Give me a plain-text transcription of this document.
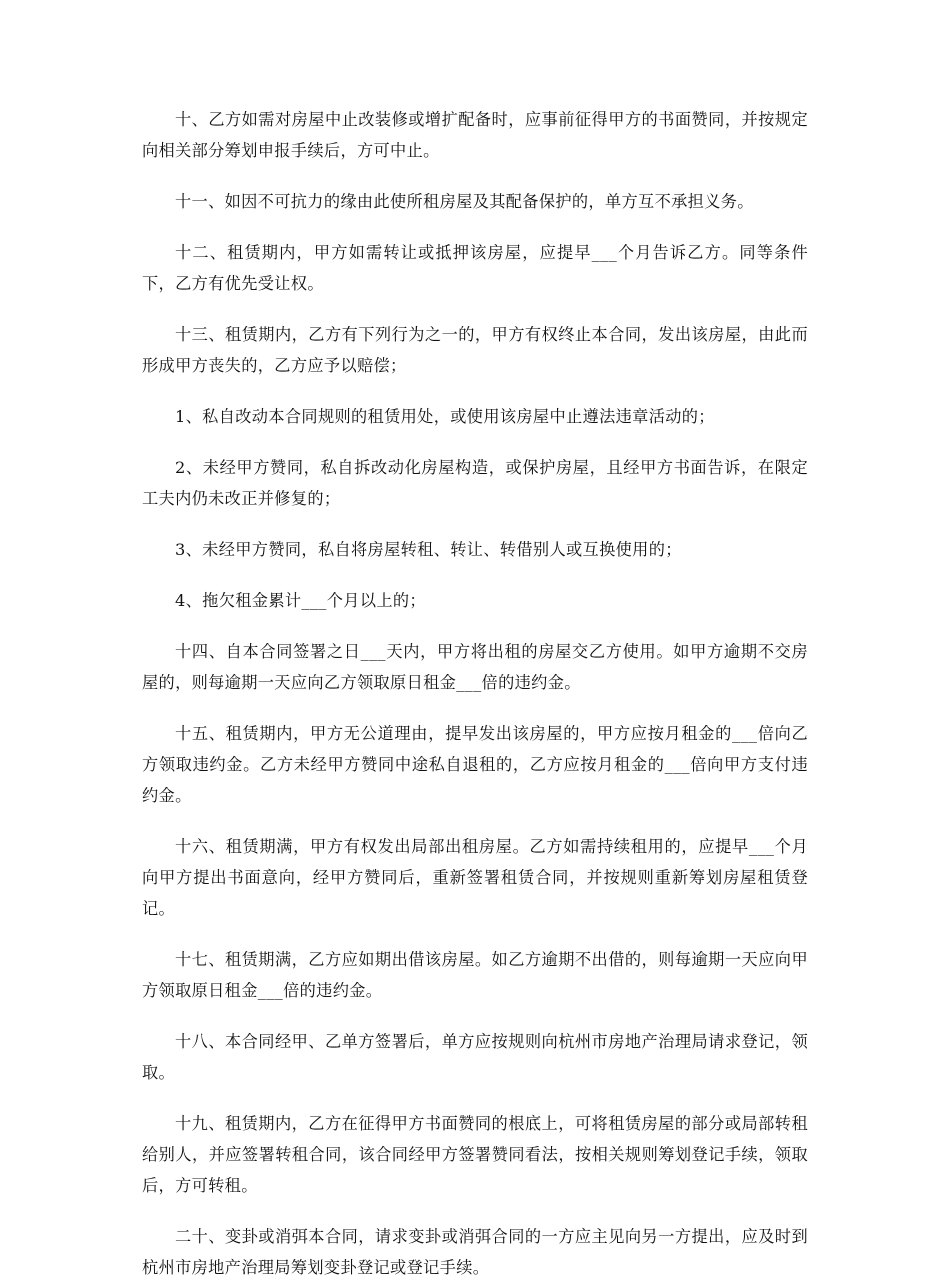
十、乙方如需对房屋中止改装修或增扩配备时，应事前征得甲方的书面赞同，并按规定向相关部分筹划申报手续后，方可中止。

十一、如因不可抗力的缘由此使所租房屋及其配备保护的，单方互不承担义务。

十二、租赁期内，甲方如需转让或抵押该房屋，应提早___个月告诉乙方。同等条件下，乙方有优先受让权。

十三、租赁期内，乙方有下列行为之一的，甲方有权终止本合同，发出该房屋，由此而形成甲方丧失的，乙方应予以赔偿；

1、私自改动本合同规则的租赁用处，或使用该房屋中止遵法违章活动的；

2、未经甲方赞同，私自拆改动化房屋构造，或保护房屋，且经甲方书面告诉，在限定工夫内仍未改正并修复的；

3、未经甲方赞同，私自将房屋转租、转让、转借别人或互换使用的；

4、拖欠租金累计___个月以上的；

十四、自本合同签署之日___天内，甲方将出租的房屋交乙方使用。如甲方逾期不交房屋的，则每逾期一天应向乙方领取原日租金___倍的违约金。

十五、租赁期内，甲方无公道理由，提早发出该房屋的，甲方应按月租金的___倍向乙方领取违约金。乙方未经甲方赞同中途私自退租的，乙方应按月租金的___倍向甲方支付违约金。

十六、租赁期满，甲方有权发出局部出租房屋。乙方如需持续租用的，应提早___个月向甲方提出书面意向，经甲方赞同后，重新签署租赁合同，并按规则重新筹划房屋租赁登记。

十七、租赁期满，乙方应如期出借该房屋。如乙方逾期不出借的，则每逾期一天应向甲方领取原日租金___倍的违约金。

十八、本合同经甲、乙单方签署后，单方应按规则向杭州市房地产治理局请求登记，领取。

十九、租赁期内，乙方在征得甲方书面赞同的根底上，可将租赁房屋的部分或局部转租给别人，并应签署转租合同，该合同经甲方签署赞同看法，按相关规则筹划登记手续，领取后，方可转租。

二十、变卦或消弭本合同，请求变卦或消弭合同的一方应主见向另一方提出，应及时到杭州市房地产治理局筹划变卦登记或登记手续。
